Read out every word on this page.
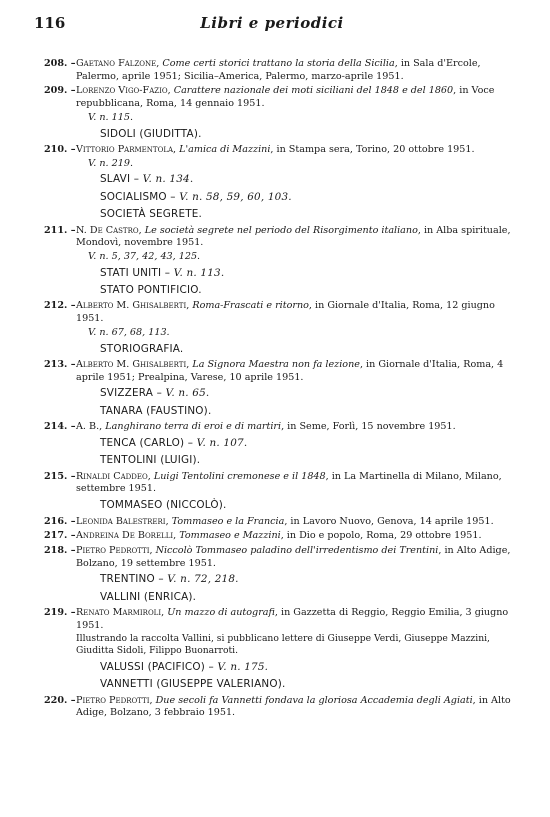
116	Libri e periodici
208. – Gaetano Falzone, Come certi storici trattano la storia della Sicilia, in Sala d'Ercole, Palermo, aprile 1951; Sicilia–America, Palermo, marzo-aprile 1951.
209. – Lorenzo Vigo-Fazio, Carattere nazionale dei moti siciliani del 1848 e del 1860, in Voce repubblicana, Roma, 14 gennaio 1951.
V. n. 115.
SIDOLI (GIUDITTA).
210. – Vittorio Parmentola, L'amica di Mazzini, in Stampa sera, Torino, 20 ottobre 1951.
V. n. 219.
SLAVI – V. n. 134.
SOCIALISMO – V. n. 58, 59, 60, 103.
SOCIETÀ SEGRETE.
211. – N. De Castro, Le società segrete nel periodo del Risorgimento italiano, in Alba spirituale, Mondovì, novembre 1951.
V. n. 5, 37, 42, 43, 125.
STATI UNITI – V. n. 113.
STATO PONTIFICIO.
212. – Alberto M. Ghisalberti, Roma-Frascati e ritorno, in Giornale d'Italia, Roma, 12 giugno 1951.
V. n. 67, 68, 113.
STORIOGRAFIA.
213. – Alberto M. Ghisalberti, La Signora Maestra non fa lezione, in Giornale d'Italia, Roma, 4 aprile 1951; Prealpina, Varese, 10 aprile 1951.
SVIZZERA – V. n. 65.
TANARA (FAUSTINO).
214. – A. B., Langhirano terra di eroi e di martiri, in Seme, Forlì, 15 novembre 1951.
TENCA (CARLO) – V. n. 107.
TENTOLINI (LUIGI).
215. – Rinaldi Caddeo, Luigi Tentolini cremonese e il 1848, in La Martinella di Milano, Milano, settembre 1951.
TOMMASEO (NICCOLÒ).
216. – Leonida Balestreri, Tommaseo e la Francia, in Lavoro Nuovo, Genova, 14 aprile 1951.
217. – Andreina De Borelli, Tommaseo e Mazzini, in Dio e popolo, Roma, 29 ottobre 1951.
218. – Pietro Pedrotti, Niccolò Tommaseo paladino dell'irredentismo dei Trentini, in Alto Adige, Bolzano, 19 settembre 1951.
TRENTINO – V. n. 72, 218.
VALLINI (ENRICA).
219. – Renato Marmiroli, Un mazzo di autografi, in Gazzetta di Reggio, Reggio Emilia, 3 giugno 1951.
Illustrando la raccolta Vallini, si pubblicano lettere di Giuseppe Verdi, Giuseppe Mazzini, Giuditta Sidoli, Filippo Buonarroti.
VALUSSI (PACIFICO) – V. n. 175.
VANNETTI (GIUSEPPE VALERIANO).
220. – Pietro Pedrotti, Due secoli fa Vannetti fondava la gloriosa Accademia degli Agiati, in Alto Adige, Bolzano, 3 febbraio 1951.
